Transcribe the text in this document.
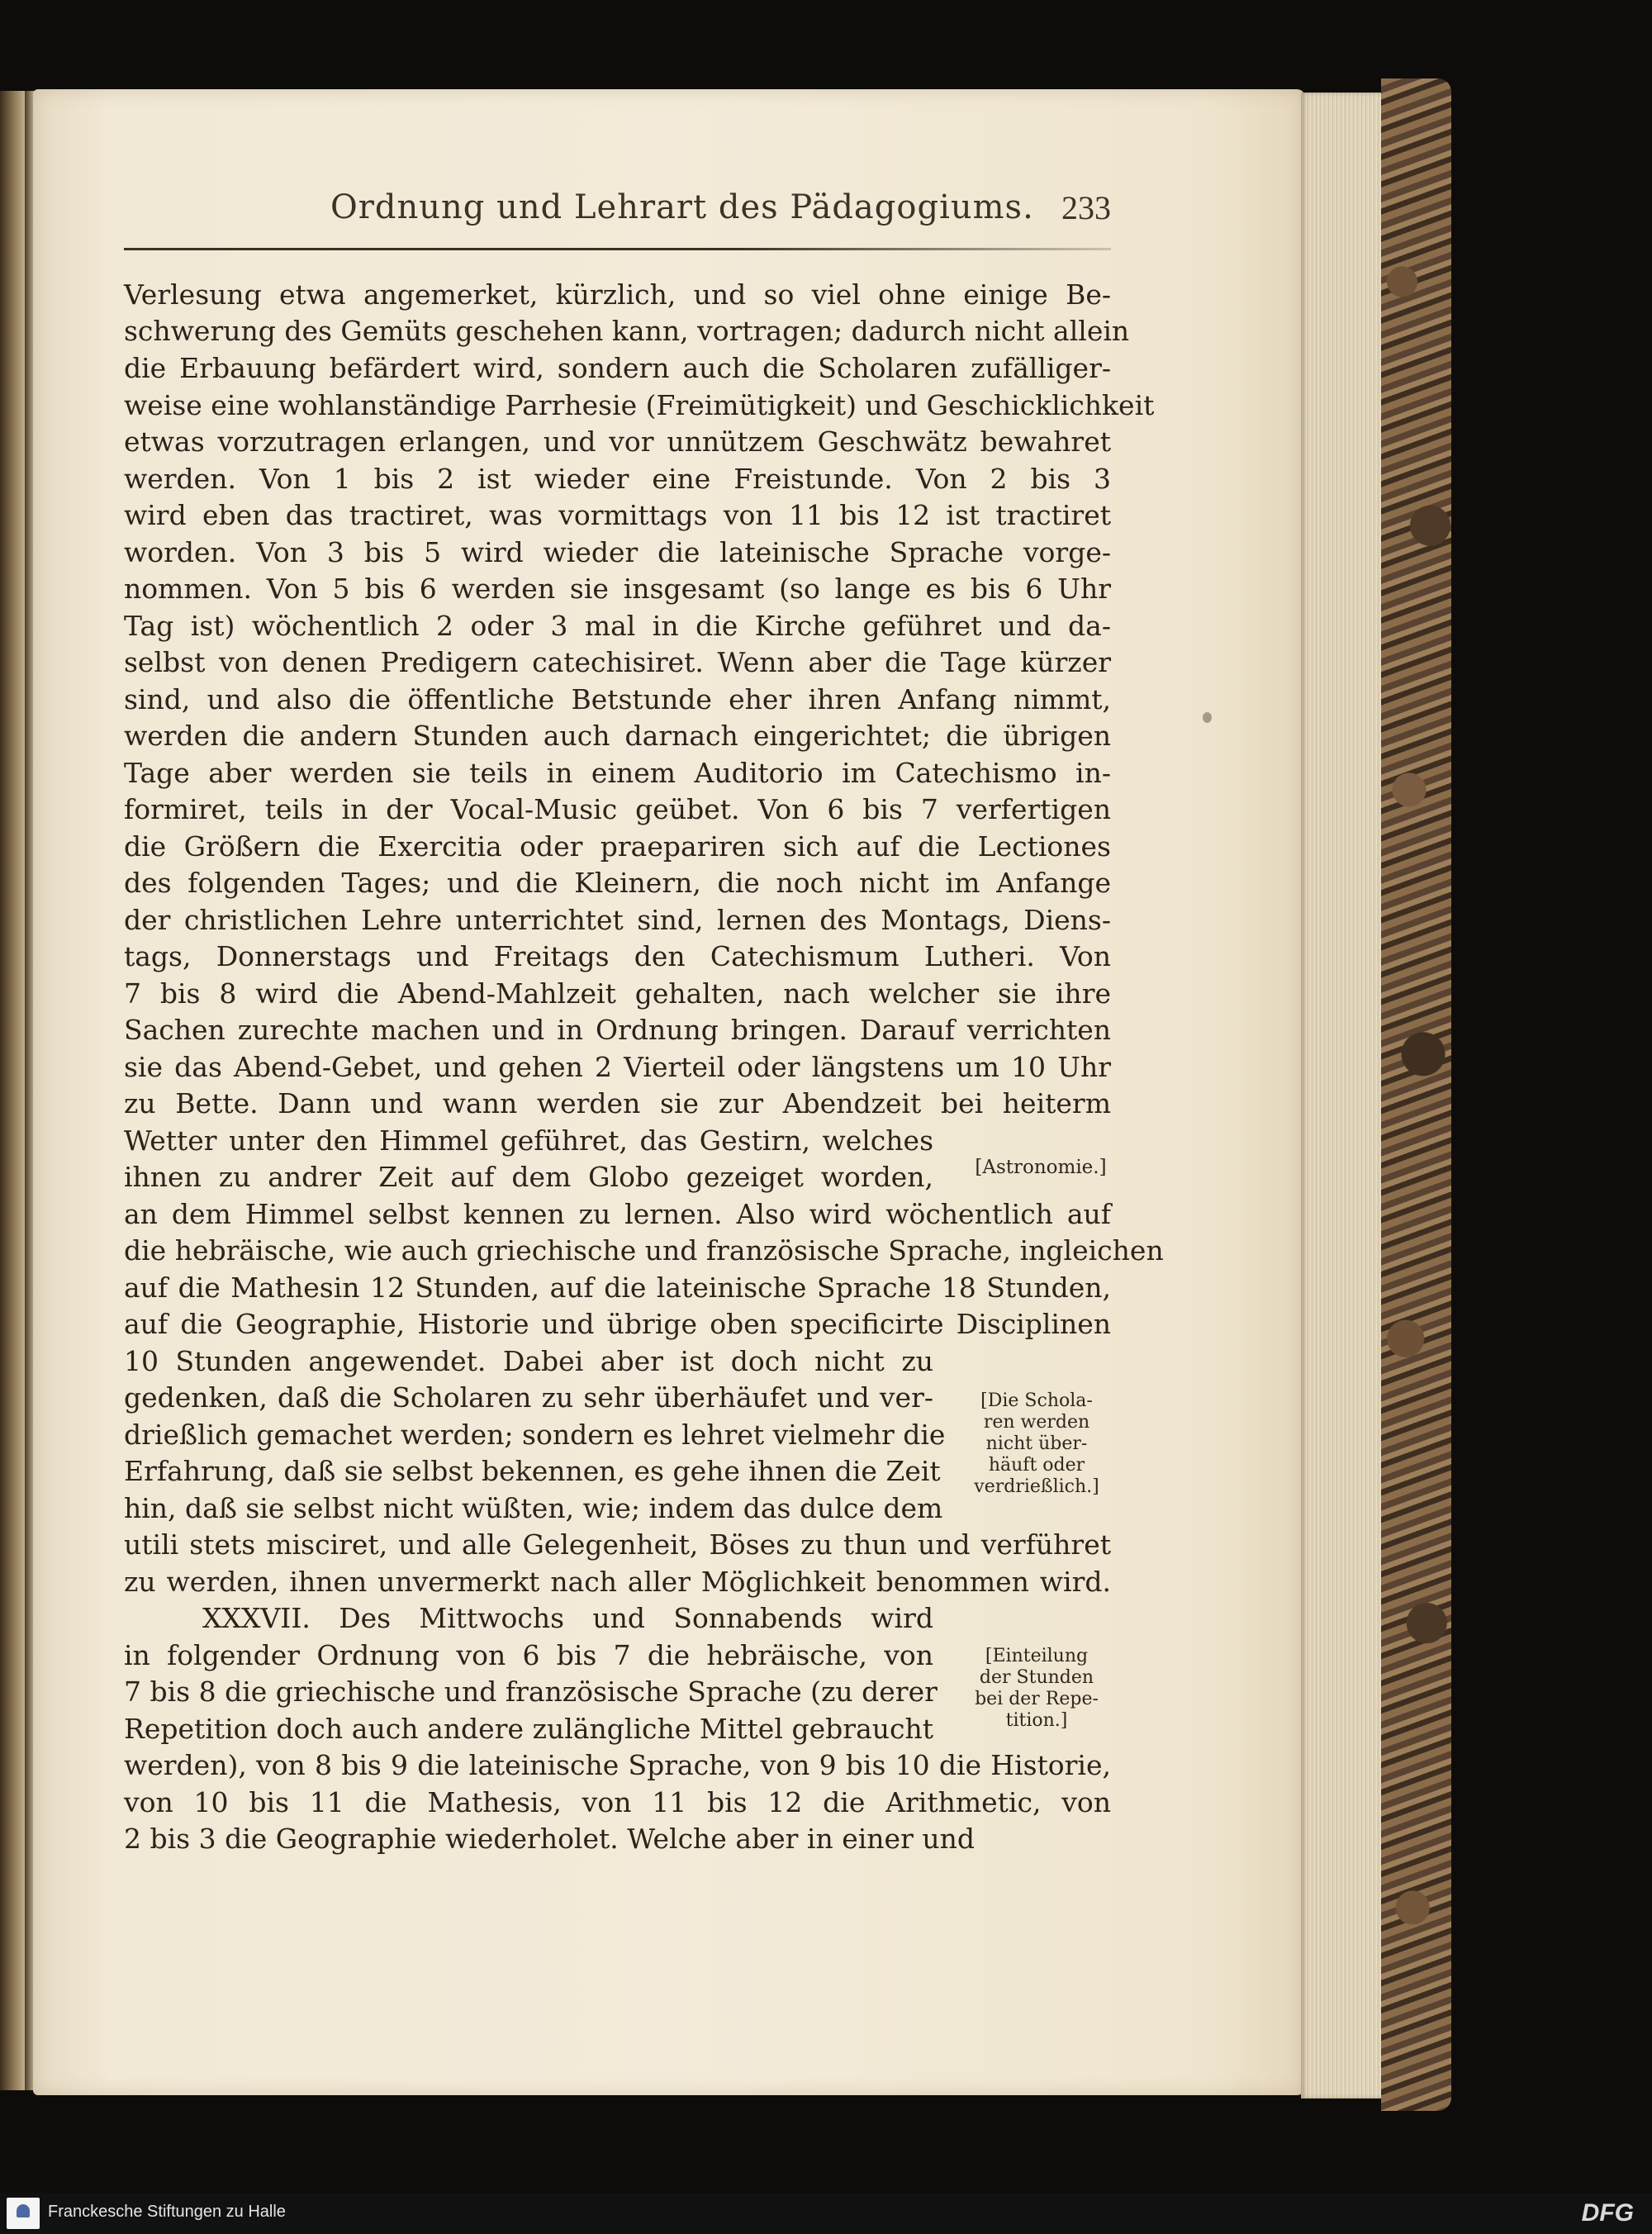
Ordnung und Lehrart des Pädagogiums. 233
Verlesung etwa angemerket, kürzlich, und so viel ohne einige Be-
schwerung des Gemüts geschehen kann, vortragen; dadurch nicht allein
die Erbauung befärdert wird, sondern auch die Scholaren zufälliger-
weise eine wohlanständige Parrhesie (Freimütigkeit) und Geschicklichkeit
etwas vorzutragen erlangen, und vor unnützem Geschwätz bewahret
werden. Von 1 bis 2 ist wieder eine Freistunde. Von 2 bis 3
wird eben das tractiret, was vormittags von 11 bis 12 ist tractiret
worden. Von 3 bis 5 wird wieder die lateinische Sprache vorge-
nommen. Von 5 bis 6 werden sie insgesamt (so lange es bis 6 Uhr
Tag ist) wöchentlich 2 oder 3 mal in die Kirche geführet und da-
selbst von denen Predigern catechisiret. Wenn aber die Tage kürzer
sind, und also die öffentliche Betstunde eher ihren Anfang nimmt,
werden die andern Stunden auch darnach eingerichtet; die übrigen
Tage aber werden sie teils in einem Auditorio im Catechismo in-
formiret, teils in der Vocal-Music geübet. Von 6 bis 7 verfertigen
die Größern die Exercitia oder praepariren sich auf die Lectiones
des folgenden Tages; und die Kleinern, die noch nicht im Anfange
der christlichen Lehre unterrichtet sind, lernen des Montags, Diens-
tags, Donnerstags und Freitags den Catechismum Lutheri. Von
7 bis 8 wird die Abend-Mahlzeit gehalten, nach welcher sie ihre
Sachen zurechte machen und in Ordnung bringen. Darauf verrichten
sie das Abend-Gebet, und gehen 2 Vierteil oder längstens um 10 Uhr
zu Bette. Dann und wann werden sie zur Abendzeit bei heiterm
Wetter unter den Himmel geführet, das Gestirn, welches
ihnen zu andrer Zeit auf dem Globo gezeiget worden,
an dem Himmel selbst kennen zu lernen. Also wird wöchentlich auf
die hebräische, wie auch griechische und französische Sprache, ingleichen
auf die Mathesin 12 Stunden, auf die lateinische Sprache 18 Stunden,
auf die Geographie, Historie und übrige oben specificirte Disciplinen
10 Stunden angewendet. Dabei aber ist doch nicht zu
gedenken, daß die Scholaren zu sehr überhäufet und ver-
drießlich gemachet werden; sondern es lehret vielmehr die
Erfahrung, daß sie selbst bekennen, es gehe ihnen die Zeit
hin, daß sie selbst nicht wüßten, wie; indem das dulce dem
utili stets misciret, und alle Gelegenheit, Böses zu thun und verführet
zu werden, ihnen unvermerkt nach aller Möglichkeit benommen wird.
XXXVII. Des Mittwochs und Sonnabends wird
in folgender Ordnung von 6 bis 7 die hebräische, von
7 bis 8 die griechische und französische Sprache (zu derer
Repetition doch auch andere zulängliche Mittel gebraucht
werden), von 8 bis 9 die lateinische Sprache, von 9 bis 10 die Historie,
von 10 bis 11 die Mathesis, von 11 bis 12 die Arithmetic, von
2 bis 3 die Geographie wiederholet. Welche aber in einer und
[Astronomie.]
[Die Schola-
ren werden
nicht über-
häuft oder
verdrießlich.]
[Einteilung
der Stunden
bei der Repe-
tition.]
Franckesche Stiftungen zu Halle	DFG
